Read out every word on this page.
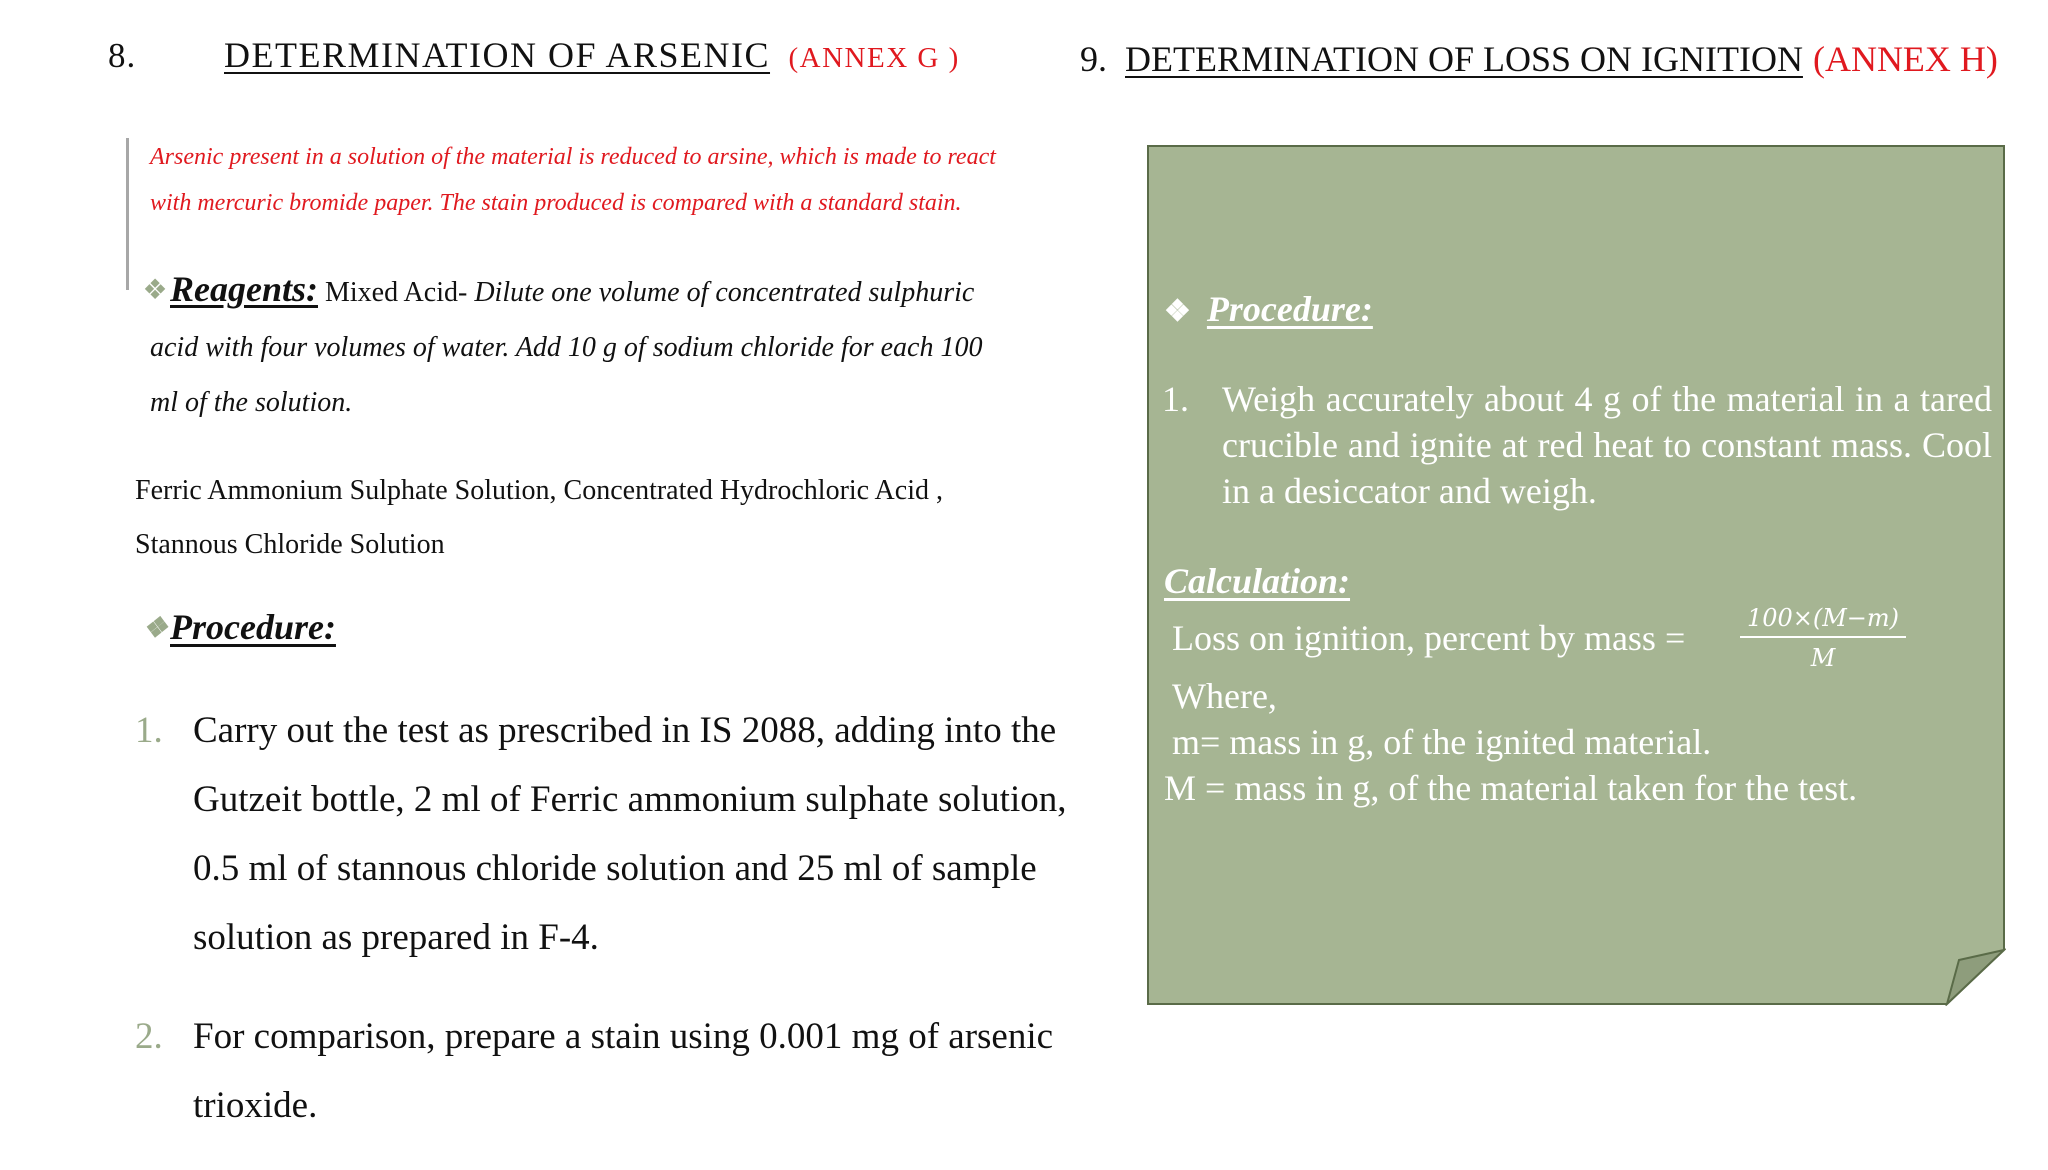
8. DETERMINATION OF ARSENIC (ANNEX G )
Arsenic present in a solution of the material is reduced to arsine, which is made to react
with mercuric bromide paper. The stain produced is compared with a standard stain.
❖Reagents: Mixed Acid- Dilute one volume of concentrated sulphuric
acid with four volumes of water. Add 10 g of sodium chloride for each 100
ml of the solution.
Ferric Ammonium Sulphate Solution, Concentrated Hydrochloric Acid ,
Stannous Chloride Solution
❖Procedure:
1. Carry out the test as prescribed in IS 2088, adding into the Gutzeit bottle, 2 ml of Ferric ammonium sulphate solution, 0.5 ml of stannous chloride solution and 25 ml of sample solution as prepared in F-4.
2. For comparison, prepare a stain using 0.001 mg of arsenic trioxide.
9. DETERMINATION OF LOSS ON IGNITION (ANNEX H)
❖ Procedure:
1. Weigh accurately about 4 g of the material in a tared crucible and ignite at red heat to constant mass. Cool in a desiccator and weigh.
Calculation:
Loss on ignition, percent by mass = $\frac{100\times(M-m)}{M}$
Where,
m= mass in g, of the ignited material.
M = mass in g, of the material taken for the test.
